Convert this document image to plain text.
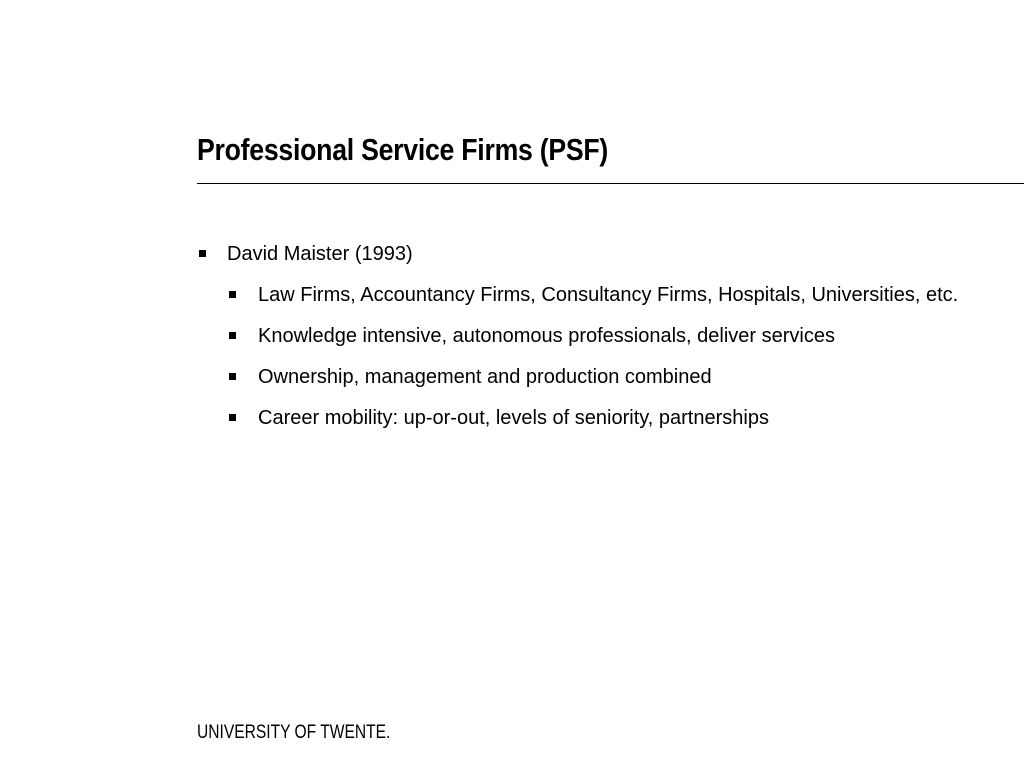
Professional Service Firms (PSF)
David Maister (1993)
Law Firms, Accountancy Firms, Consultancy Firms, Hospitals, Universities, etc.
Knowledge intensive, autonomous professionals, deliver services
Ownership, management and production combined
Career mobility: up-or-out, levels of seniority, partnerships
UNIVERSITY OF TWENTE.
